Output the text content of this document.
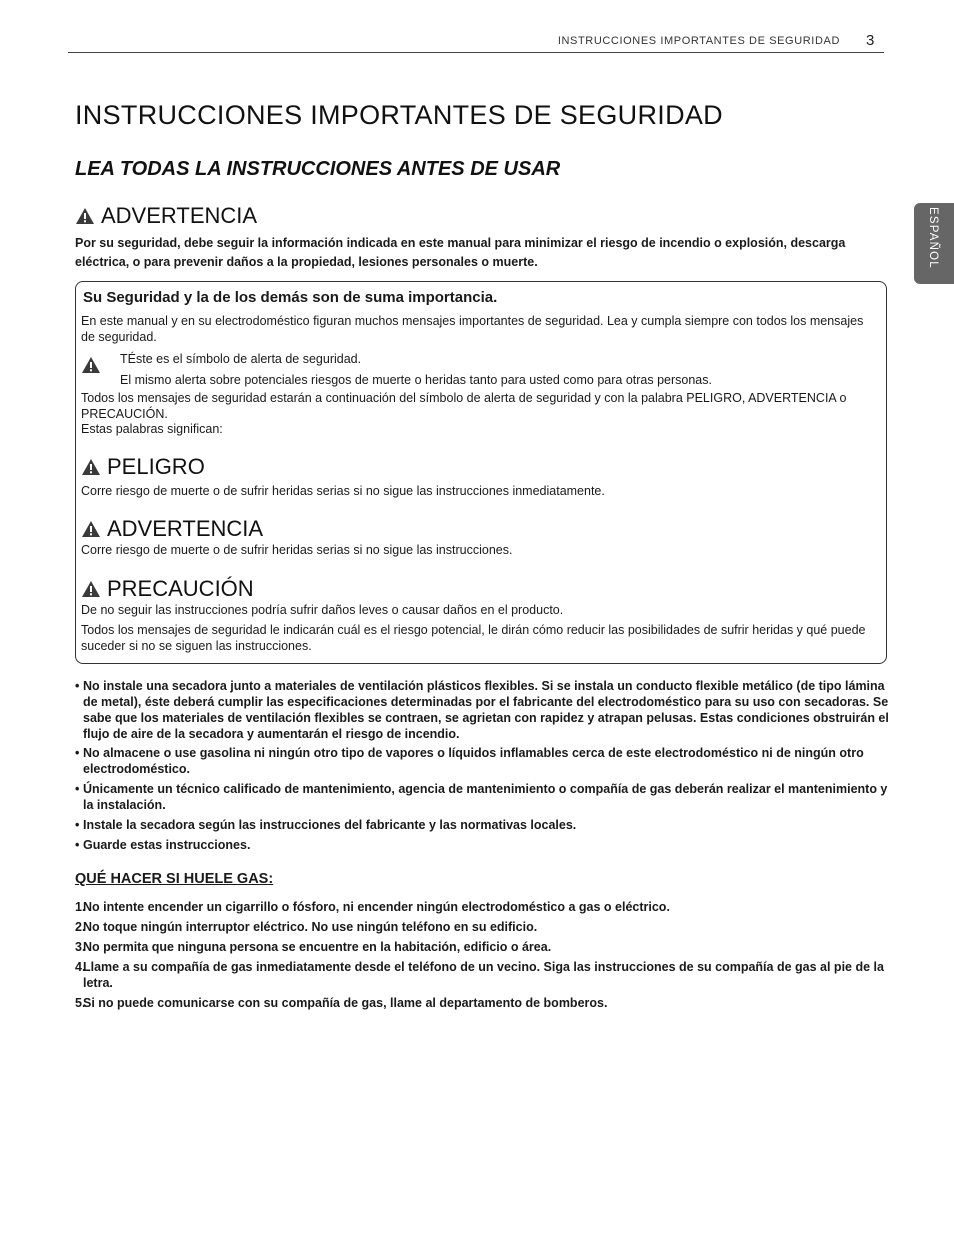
INSTRUCCIONES IMPORTANTES DE SEGURIDAD 3
ESPAÑOL
INSTRUCCIONES IMPORTANTES DE SEGURIDAD
LEA TODAS LA INSTRUCCIONES ANTES DE USAR
ADVERTENCIA
Por su seguridad, debe seguir la información indicada en este manual para minimizar el riesgo de incendio o explosión, descarga eléctrica, o para prevenir daños a la propiedad, lesiones personales o muerte.
Su Seguridad y la de los demás son de suma importancia.
En este manual y en su electrodoméstico figuran muchos mensajes importantes de seguridad. Lea y cumpla siempre con todos los mensajes de seguridad.
TÉste es el símbolo de alerta de seguridad.
El mismo alerta sobre potenciales riesgos de muerte o heridas tanto para usted como para otras personas.
Todos los mensajes de seguridad estarán a continuación del símbolo de alerta de seguridad y con la palabra PELIGRO, ADVERTENCIA o PRECAUCIÓN.
Estas palabras significan:
PELIGRO
Corre riesgo de muerte o de sufrir heridas serias si no sigue las instrucciones inmediatamente.
ADVERTENCIA
Corre riesgo de muerte o de sufrir heridas serias si no sigue las instrucciones.
PRECAUCIÓN
De no seguir las instrucciones podría sufrir daños leves o causar daños en el producto.
Todos los mensajes de seguridad le indicarán cuál es el riesgo potencial, le dirán cómo reducir las posibilidades de sufrir heridas y qué puede suceder si no se siguen las instrucciones.
• No instale una secadora junto a materiales de ventilación plásticos flexibles. Si se instala un conducto flexible metálico (de tipo lámina de metal), éste deberá cumplir las especificaciones determinadas por el fabricante del electrodoméstico para su uso con secadoras. Se sabe que los materiales de ventilación flexibles se contraen, se agrietan con rapidez y atrapan pelusas. Estas condiciones obstruirán el flujo de aire de la secadora y aumentarán el riesgo de incendio.
• No almacene o use gasolina ni ningún otro tipo de vapores o líquidos inflamables cerca de este electrodoméstico ni de ningún otro electrodoméstico.
• Únicamente un técnico calificado de mantenimiento, agencia de mantenimiento o compañía de gas deberán realizar el mantenimiento y la instalación.
• Instale la secadora según las instrucciones del fabricante y las normativas locales.
• Guarde estas instrucciones.
QUÉ HACER SI HUELE GAS:
1.
No intente encender un cigarrillo o fósforo, ni encender ningún electrodoméstico a gas o eléctrico.
2.
No toque ningún interruptor eléctrico. No use ningún teléfono en su edificio.
3.
No permita que ninguna persona se encuentre en la habitación, edificio o área.
4.
Llame a su compañía de gas inmediatamente desde el teléfono de un vecino. Siga las instrucciones de su compañía de gas al pie de la letra.
5.
Si no puede comunicarse con su compañía de gas, llame al departamento de bomberos.
